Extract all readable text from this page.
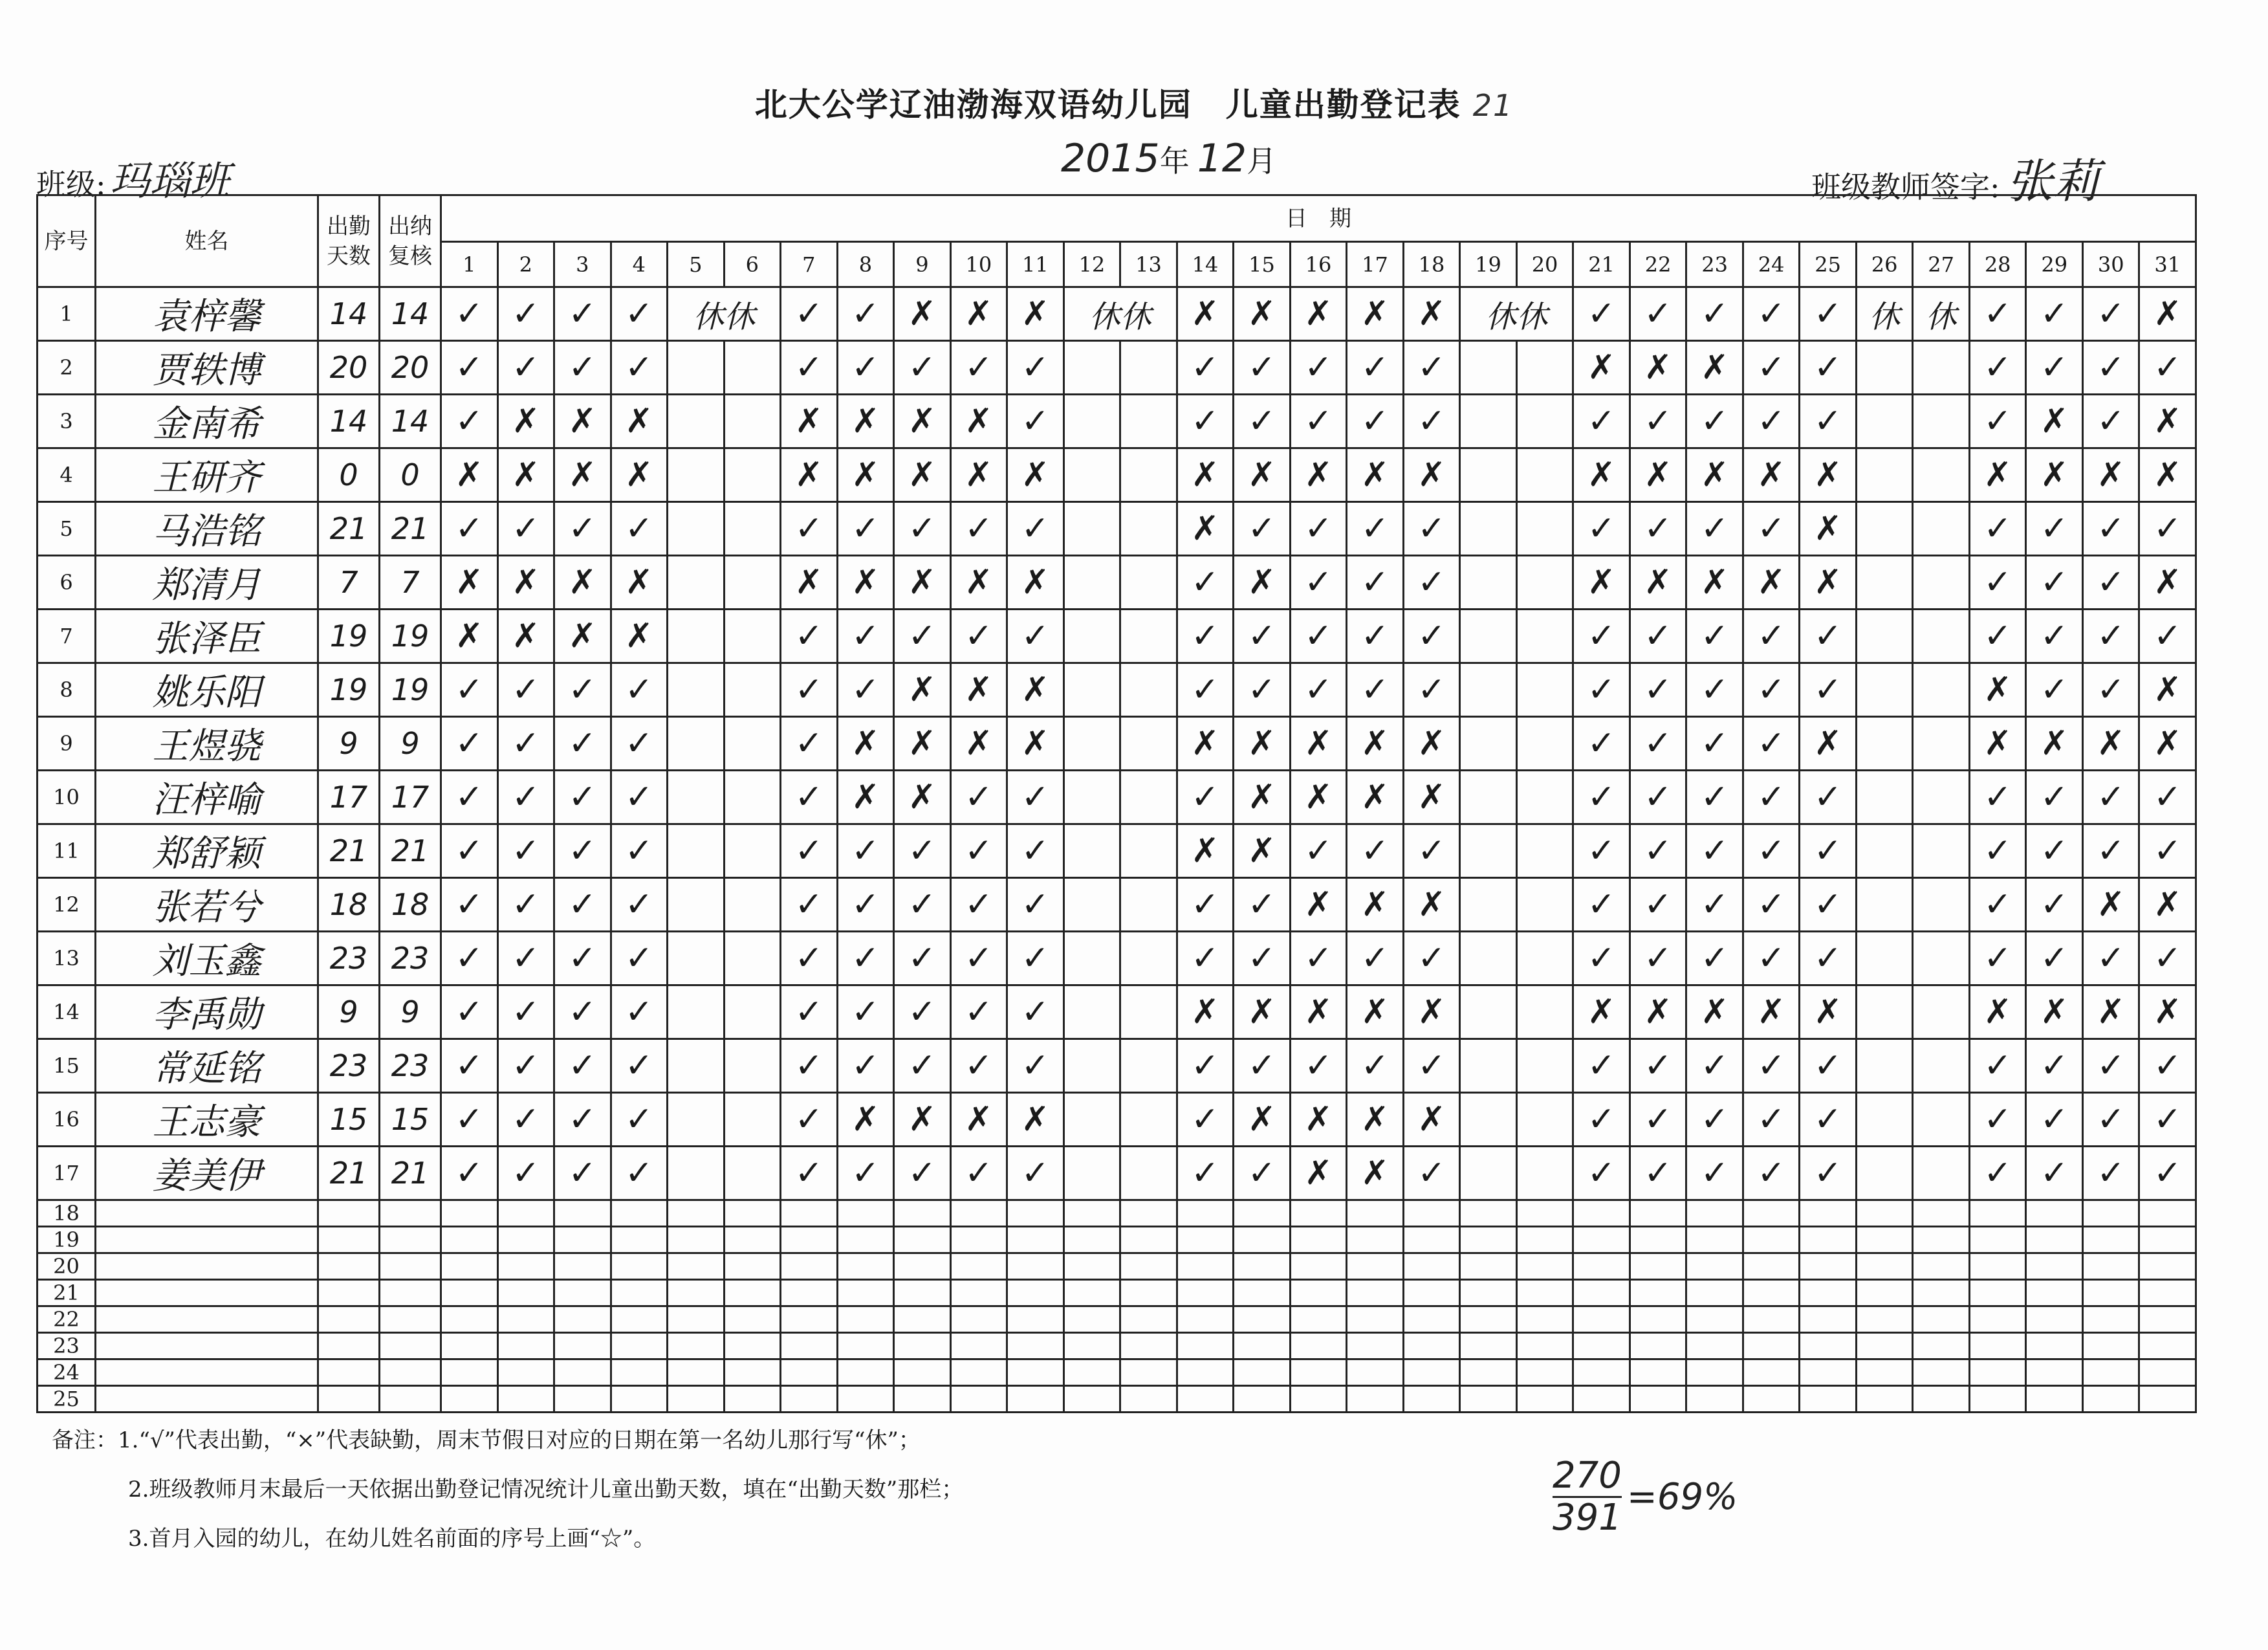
北大公学辽油渤海双语幼儿园　儿童出勤登记表 21
班级:玛瑙班	2015年 12月
班级教师签字: 张莉
序号	姓名	出勤天数	出纳复核	日　期																														
				1	2	3	4	5	6	7	8	9	10	11	12	13	14	15	16	17	18	19	20	21	22	23	24	25	26	27	28	29	30	31
1	袁梓馨	14	14	✓	✓	✓	✓	休休		✓	✓	✗	✗	✗	休休		✗	✗	✗	✗	✗	休休		✓	✓	✓	✓	✓	休	休	✓	✓	✓	✗
2	贾轶博	20	20	✓	✓	✓	✓			✓	✓	✓	✓	✓			✓	✓	✓	✓	✓			✗	✗	✗	✓	✓			✓	✓	✓	✓
3	金南希	14	14	✓	✗	✗	✗			✗	✗	✗	✗	✓			✓	✓	✓	✓	✓			✓	✓	✓	✓	✓			✓	✗	✓	✗
4	王研齐	0	0	✗	✗	✗	✗			✗	✗	✗	✗	✗			✗	✗	✗	✗	✗			✗	✗	✗	✗	✗			✗	✗	✗	✗
5	马浩铭	21	21	✓	✓	✓	✓			✓	✓	✓	✓	✓			✗	✓	✓	✓	✓			✓	✓	✓	✓	✗			✓	✓	✓	✓
6	郑清月	7	7	✗	✗	✗	✗			✗	✗	✗	✗	✗			✓	✗	✓	✓	✓			✗	✗	✗	✗	✗			✓	✓	✓	✗
7	张泽臣	19	19	✗	✗	✗	✗			✓	✓	✓	✓	✓			✓	✓	✓	✓	✓			✓	✓	✓	✓	✓			✓	✓	✓	✓
8	姚乐阳	19	19	✓	✓	✓	✓			✓	✓	✗	✗	✗			✓	✓	✓	✓	✓			✓	✓	✓	✓	✓			✗	✓	✓	✗
9	王煜骁	9	9	✓	✓	✓	✓			✓	✗	✗	✗	✗			✗	✗	✗	✗	✗			✓	✓	✓	✓	✗			✗	✗	✗	✗
10	汪梓喻	17	17	✓	✓	✓	✓			✓	✗	✗	✓	✓			✓	✗	✗	✗	✗			✓	✓	✓	✓	✓			✓	✓	✓	✓
11	郑舒颖	21	21	✓	✓	✓	✓			✓	✓	✓	✓	✓			✗	✗	✓	✓	✓			✓	✓	✓	✓	✓			✓	✓	✓	✓
12	张若兮	18	18	✓	✓	✓	✓			✓	✓	✓	✓	✓			✓	✓	✗	✗	✗			✓	✓	✓	✓	✓			✓	✓	✗	✗
13	刘玉鑫	23	23	✓	✓	✓	✓			✓	✓	✓	✓	✓			✓	✓	✓	✓	✓			✓	✓	✓	✓	✓			✓	✓	✓	✓
14	李禹勋	9	9	✓	✓	✓	✓			✓	✓	✓	✓	✓			✗	✗	✗	✗	✗			✗	✗	✗	✗	✗			✗	✗	✗	✗
15	常延铭	23	23	✓	✓	✓	✓			✓	✓	✓	✓	✓			✓	✓	✓	✓	✓			✓	✓	✓	✓	✓			✓	✓	✓	✓
16	王志豪	15	15	✓	✓	✓	✓			✓	✗	✗	✗	✗			✓	✗	✗	✗	✗			✓	✓	✓	✓	✓			✓	✓	✓	✓
17	姜美伊	21	21	✓	✓	✓	✓			✓	✓	✓	✓	✓			✓	✓	✗	✗	✓			✓	✓	✓	✓	✓			✓	✓	✓	✓
18																																		
19																																		
20																																		
21																																		
22																																		
23																																		
24																																		
25																																		
备注：1.“√”代表出勤，“×”代表缺勤，周末节假日对应的日期在第一名幼儿那行写“休”；
2.班级教师月末最后一天依据出勤登记情况统计儿童出勤天数，填在“出勤天数”那栏；
3.首月入园的幼儿，在幼儿姓名前面的序号上画“☆”。
$\frac{270}{391} =69\%$
